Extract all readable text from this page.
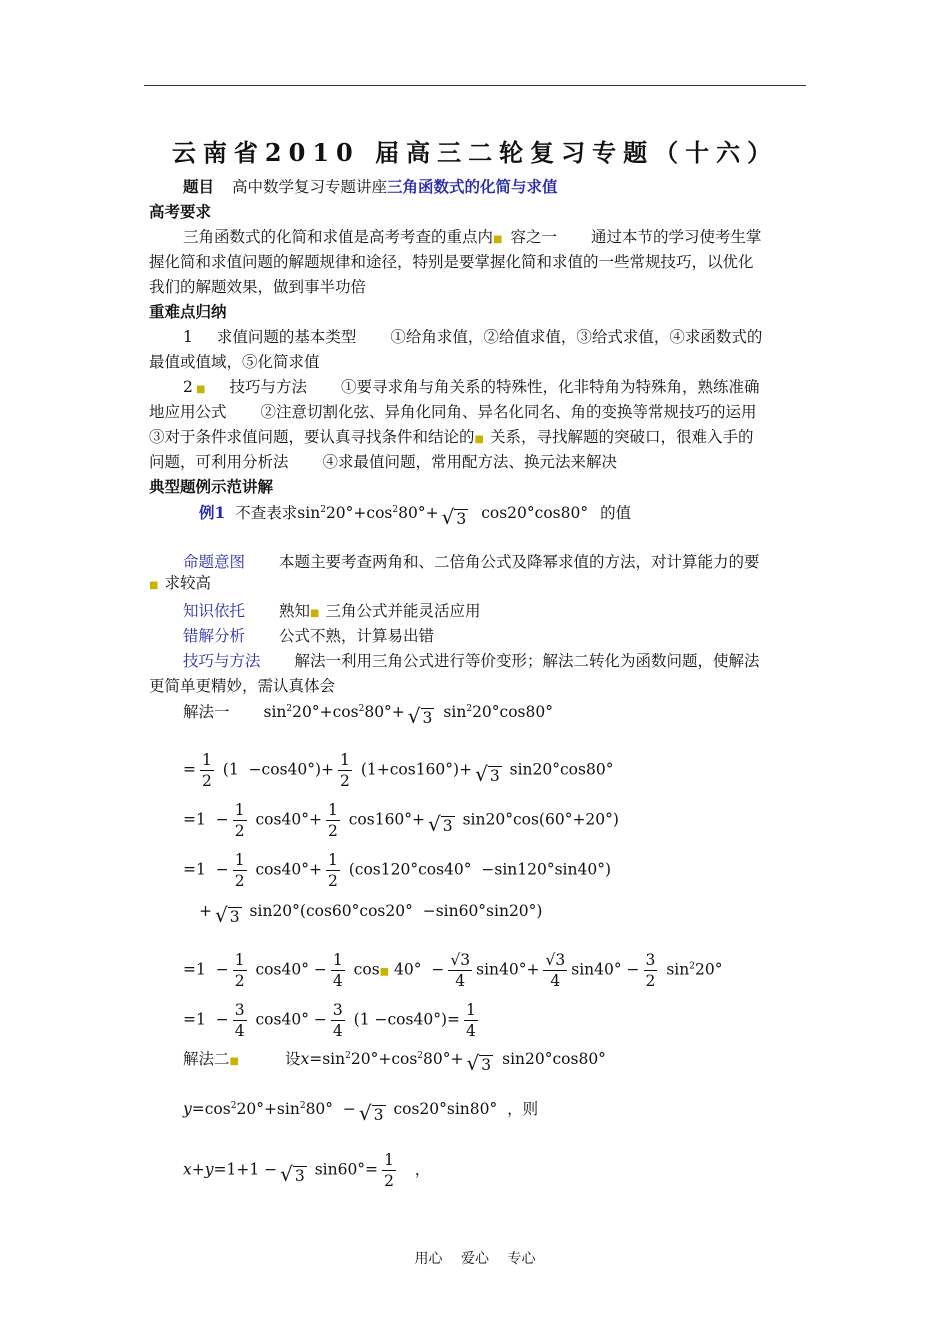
云南省2010 届高三二轮复习专题（十六）
题目 高中数学复习专题讲座三角函数式的化简与求值
高考要求
三角函数式的化简和求值是高考考查的重点内■ 容之一 通过本节的学习使考生掌
握化简和求值问题的解题规律和途径，特别是要掌握化简和求值的一些常规技巧，以优化
我们的解题效果，做到事半功倍
重难点归纳
1 求值问题的基本类型 ①给角求值，②给值求值，③给式求值，④求函数式的
最值或值域，⑤化简求值
2 ■ 技巧与方法 ①要寻求角与角关系的特殊性，化非特角为特殊角，熟练准确
地应用公式 ②注意切割化弦、异角化同角、异名化同名、角的变换等常规技巧的运用
③对于条件求值问题，要认真寻找条件和结论的■ 关系，寻找解题的突破口，很难入手的
问题，可利用分析法 ④求最值问题，常用配方法、换元法来解决
典型题例示范讲解
例1 不查表求$\sin^220^\circ+\cos^280^\circ+$ √ 3 cos20°cos80° 的值
命题意图 本题主要考查两角和、二倍角公式及降幂求值的方法，对计算能力的要
■ 求较高
知识依托 熟知■ 三角公式并能灵活应用
错解分析 公式不熟，计算易出错
技巧与方法 解法一利用三角公式进行等价变形；解法二转化为函数问题，使解法
更简单更精妙，需认真体会
解法一 $\sin^220^\circ+\cos^280^\circ+$ √ 3 $\sin^220^\circ\cos 80^\circ$
= $\frac{1}{2} (1 -\cos 40^\circ)+ \frac{1}{2} (1+\cos 160^\circ)+$ √ 3 sin20°cos80°
$=1 - \frac{1}{2} \cos 40^\circ+ \frac{1}{2} \cos 160^\circ+$ √ 3 sin20°cos(60°+20°)
$=1 - \frac{1}{2} \cos 40^\circ+ \frac{1}{2} (\cos 120^\circ\cos 40^\circ -\sin 120^\circ\sin 40^\circ)$
+ √ 3 sin20°(cos60°cos20°  −sin60°sin20°)
$=1 - \frac{1}{2} \cos 40^\circ - \frac{1}{4}$ cos■ $40^\circ - \frac{√3}{4} \sin 40^\circ+ \frac{√3}{4} \sin 40^\circ - \frac{3}{2} \sin^220^\circ$
$=1 - \frac{3}{4} \cos 40^\circ - \frac{3}{4} (1 -\cos 40^\circ)= \frac{1}{4}$
解法二■	设$x=\sin^220^\circ+\cos^280^\circ+$ √ 3 sin20°cos80°
$y=\cos^220^\circ+\sin^280^\circ$  − √ 3 cos20°sin80°  ，则
x+y=1+1 − √ 3 $\sin 60^\circ= \frac{1}{2}$ ，
用心 爱心 专心
